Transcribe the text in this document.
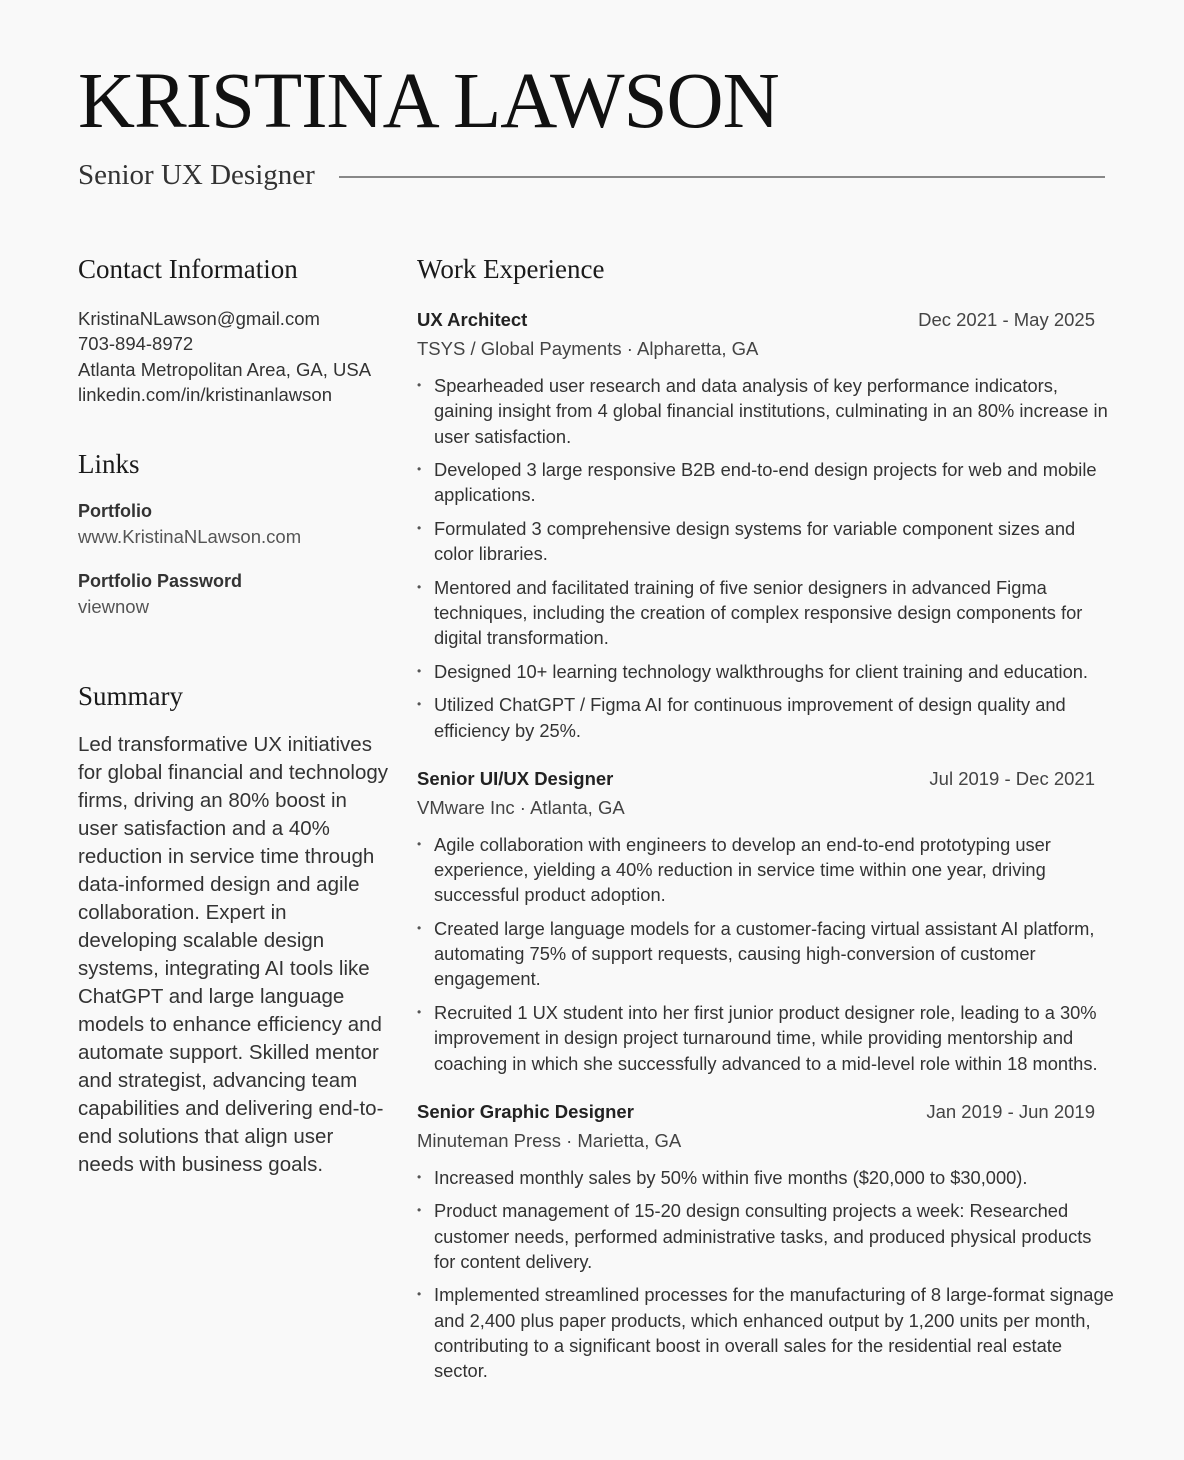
KRISTINA LAWSON
Senior UX Designer
Contact Information
KristinaNLawson@gmail.com
703-894-8972
Atlanta Metropolitan Area, GA, USA
linkedin.com/in/kristinanlawson
Links
Portfolio
www.KristinaNLawson.com
Portfolio Password
viewnow
Summary
Led transformative UX initiatives for global financial and technology firms, driving an 80% boost in user satisfaction and a 40% reduction in service time through data-informed design and agile collaboration. Expert in developing scalable design systems, integrating AI tools like ChatGPT and large language models to enhance efficiency and automate support. Skilled mentor and strategist, advancing team capabilities and delivering end-to-end solutions that align user needs with business goals.
Work Experience
UX Architect	Dec 2021 - May 2025
TSYS / Global Payments · Alpharetta, GA
• Spearheaded user research and data analysis of key performance indicators, gaining insight from 4 global financial institutions, culminating in an 80% increase in user satisfaction.
• Developed 3 large responsive B2B end-to-end design projects for web and mobile applications.
• Formulated 3 comprehensive design systems for variable component sizes and color libraries.
• Mentored and facilitated training of five senior designers in advanced Figma techniques, including the creation of complex responsive design components for digital transformation.
• Designed 10+ learning technology walkthroughs for client training and education.
• Utilized ChatGPT / Figma AI for continuous improvement of design quality and efficiency by 25%.
Senior UI/UX Designer	Jul 2019 - Dec 2021
VMware Inc · Atlanta, GA
• Agile collaboration with engineers to develop an end-to-end prototyping user experience, yielding a 40% reduction in service time within one year, driving successful product adoption.
• Created large language models for a customer-facing virtual assistant AI platform, automating 75% of support requests, causing high-conversion of customer engagement.
• Recruited 1 UX student into her first junior product designer role, leading to a 30% improvement in design project turnaround time, while providing mentorship and coaching in which she successfully advanced to a mid-level role within 18 months.
Senior Graphic Designer	Jan 2019 - Jun 2019
Minuteman Press · Marietta, GA
• Increased monthly sales by 50% within five months ($20,000 to $30,000).
• Product management of 15-20 design consulting projects a week: Researched customer needs, performed administrative tasks, and produced physical products for content delivery.
• Implemented streamlined processes for the manufacturing of 8 large-format signage and 2,400 plus paper products, which enhanced output by 1,200 units per month, contributing to a significant boost in overall sales for the residential real estate sector.
